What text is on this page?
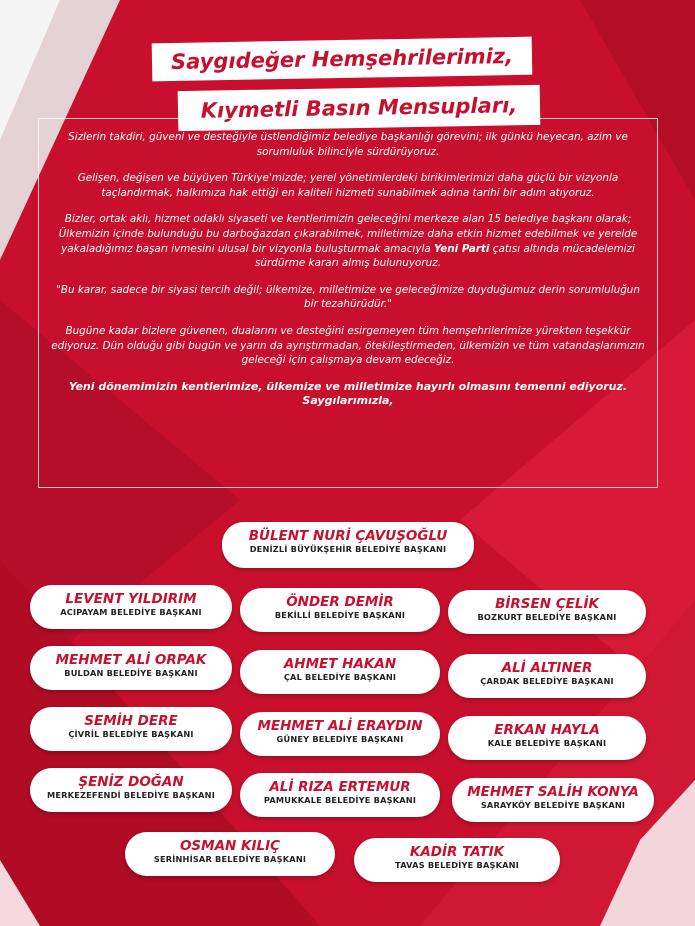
Saygıdeğer Hemşehrilerimiz,
Kıymetli Basın Mensupları,

Sizlerin takdiri, güveni ve desteğiyle üstlendiğimiz belediye başkanlığı görevini; ilk günkü heyecan, azim ve sorumluluk bilinciyle sürdürüyoruz.

Gelişen, değişen ve büyüyen Türkiye'mizde; yerel yönetimlerdeki birikimlerimizi daha güçlü bir vizyonla taçlandırmak, halkımıza hak ettiği en kaliteli hizmeti sunabilmek adına tarihi bir adım atıyoruz.

Bizler, ortak aklı, hizmet odaklı siyaseti ve kentlerimizin geleceğini merkeze alan 15 belediye başkanı olarak; Ülkemizin içinde bulunduğu bu darboğazdan çıkarabilmek, milletimize daha etkin hizmet edebilmek ve yerelde yakaladığımız başarı ivmesini ulusal bir vizyonla buluşturmak amacıyla Yeni Parti çatısı altında mücadelemizi sürdürme kararı almış bulunuyoruz.

"Bu karar, sadece bir siyasi tercih değil; ülkemize, milletimize ve geleceğimize duyduğumuz derin sorumluluğun bir tezahürüdür."

Bugüne kadar bizlere güvenen, dualarını ve desteğini esirgemeyen tüm hemşehrilerimize yürekten teşekkür ediyoruz. Dün olduğu gibi bugün ve yarın da ayrıştırmadan, ötekileştirmeden, ülkemizin ve tüm vatandaşlarımızın geleceği için çalışmaya devam edeceğiz.

Yeni dönemimizin kentlerimize, ülkemize ve milletimize hayırlı olmasını temenni ediyoruz.

Saygılarımızla,

BÜLENT NURİ ÇAVUŞOĞLU
DENİZLİ BÜYÜKŞEHİR BELEDİYE BAŞKANI
LEVENT YILDIRIM
ACIPAYAM BELEDİYE BAŞKANI
ÖNDER DEMİR
BEKİLLİ BELEDİYE BAŞKANI
BİRSEN ÇELİK
BOZKURT BELEDİYE BAŞKANI
MEHMET ALİ ORPAK
BULDAN BELEDİYE BAŞKANI
AHMET HAKAN
ÇAL BELEDİYE BAŞKANI
ALİ ALTINER
ÇARDAK BELEDİYE BAŞKANI
SEMİH DERE
ÇİVRİL BELEDİYE BAŞKANI	MEHMET ALİ ERAYDIN
GÜNEY BELEDİYE BAŞKANI
ERKAN HAYLA
KALE BELEDİYE BAŞKANI
ŞENİZ DOĞAN
MERKEZEFENDİ BELEDİYE BAŞKANI	ALİ RIZA ERTEMUR
PAMUKKALE BELEDİYE BAŞKANI	MEHMET SALİH KONYA
SARAYKÖY BELEDİYE BAŞKANI
OSMAN KILIÇ
SERİNHİSAR BELEDİYE BAŞKANI	KADİR TATIK
TAVAS BELEDİYE BAŞKANI
